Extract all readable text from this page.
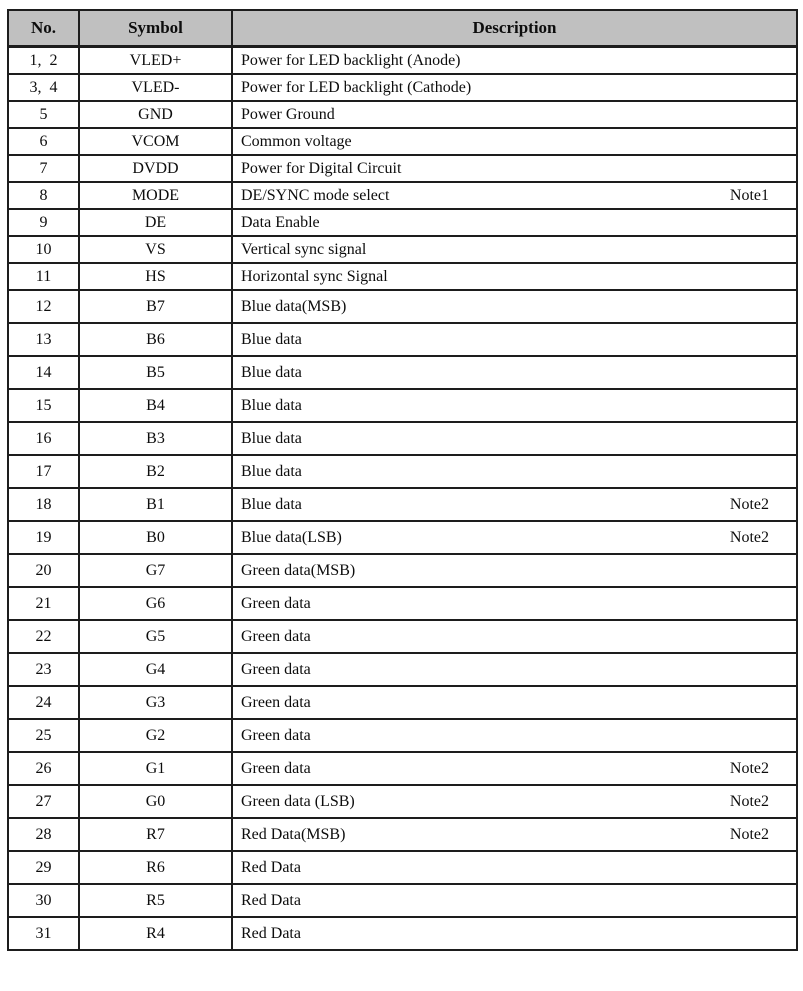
No.	Symbol	Description
1,  2	VLED+	Power for LED backlight (Anode)

3,  4	VLED-	Power for LED backlight (Cathode)

5	GND	Power Ground

6	VCOM	Common voltage

7	DVDD	Power for Digital Circuit

8	MODE	DE/SYNC mode select Note1

9	DE	Data Enable

10	VS	Vertical sync signal

11	HS	Horizontal sync Signal

12	B7	Blue data(MSB)

13	B6	Blue data

14	B5	Blue data

15	B4	Blue data

16	B3	Blue data

17	B2	Blue data

18	B1	Blue data Note2

19	B0	Blue data(LSB) Note2

20	G7	Green data(MSB)

21	G6	Green data

22	G5	Green data

23	G4	Green data

24	G3	Green data

25	G2	Green data

26	G1	Green data Note2

27	G0	Green data (LSB) Note2

28	R7	Red Data(MSB) Note2

29	R6	Red Data

30	R5	Red Data

31	R4	Red Data
